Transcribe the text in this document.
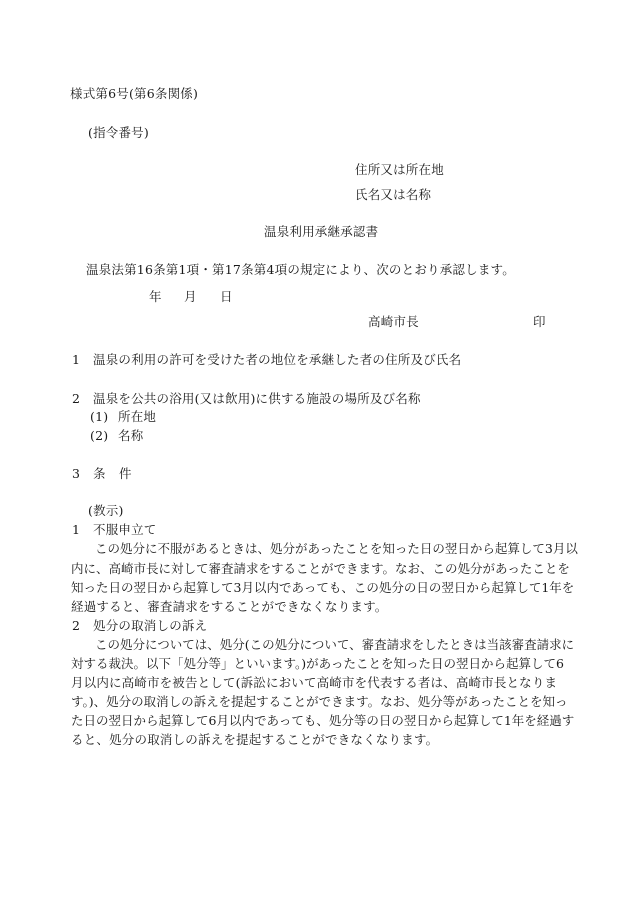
様式第6号(第6条関係)
(指令番号)
住所又は所在地
氏名又は名称
温泉利用承継承認書
温泉法第16条第1項・第17条第4項の規定により、次のとおり承認します。
年 月 日
高崎市長	印
1 温泉の利用の許可を受けた者の地位を承継した者の住所及び氏名
2 温泉を公共の浴用(又は飲用)に供する施設の場所及び名称
(1) 所在地
(2) 名称
3 条 件
(教示)
1 不服申立て
この処分に不服があるときは、処分があったことを知った日の翌日から起算して3月以
内に、高崎市長に対して審査請求をすることができます。なお、この処分があったことを
知った日の翌日から起算して3月以内であっても、この処分の日の翌日から起算して1年を
経過すると、審査請求をすることができなくなります。
2 処分の取消しの訴え
この処分については、処分(この処分について、審査請求をしたときは当該審査請求に
対する裁決。以下「処分等」といいます。)があったことを知った日の翌日から起算して6
月以内に高崎市を被告として(訴訟において高崎市を代表する者は、高崎市長となりま
す。)、処分の取消しの訴えを提起することができます。なお、処分等があったことを知っ
た日の翌日から起算して6月以内であっても、処分等の日の翌日から起算して1年を経過す
ると、処分の取消しの訴えを提起することができなくなります。
